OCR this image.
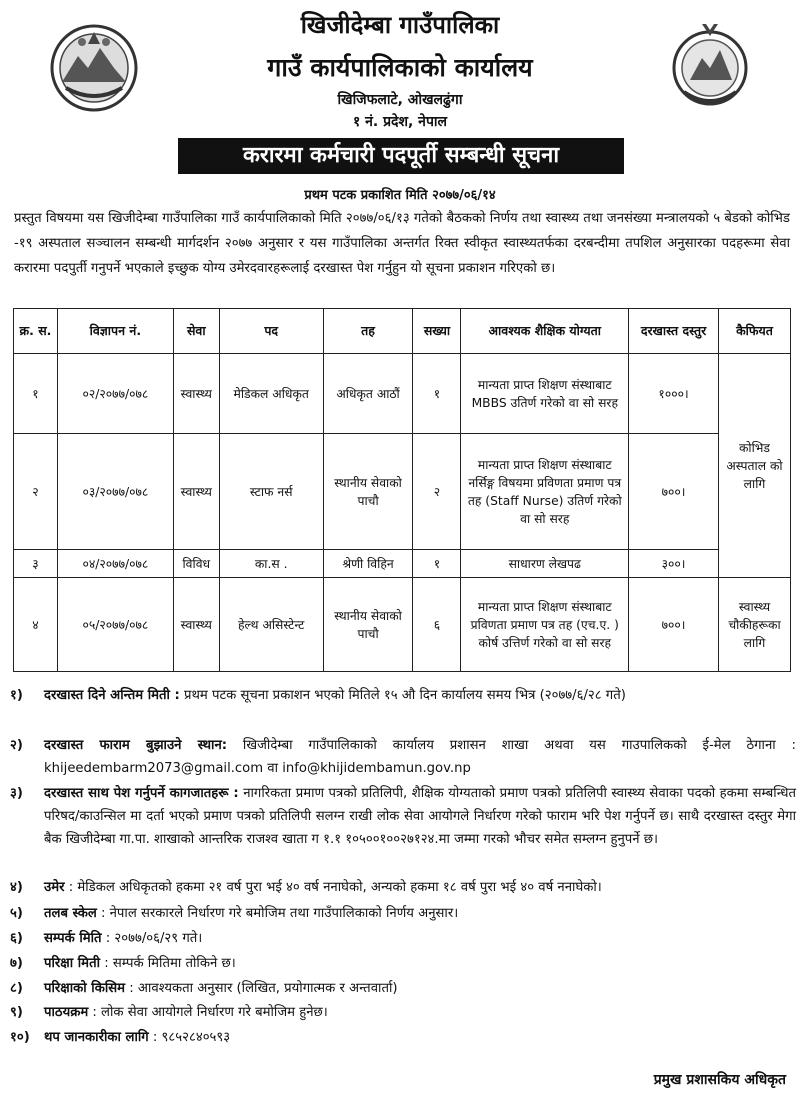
खिजीदेम्बा गाउँपालिका
गाउँ कार्यपालिकाको कार्यालय
खिजिफलाटे, ओखलढुंगा
१ नं. प्रदेश, नेपाल
करारमा कर्मचारी पदपूर्ती सम्बन्धी सूचना
प्रथम पटक प्रकाशित मिति २०७७/०६/१४
प्रस्तुत विषयमा यस खिजीदेम्बा गाउँपालिका गाउँ कार्यपालिकाको मिति २०७७/०६/१३ गतेको बैठकको निर्णय तथा स्वास्थ्य तथा जनसंख्या मन्त्रालयको ५ बेडको कोभिड -१९ अस्पताल सञ्चालन सम्बन्धी मार्गदर्शन २०७७ अनुसार र यस गाउँपालिका अन्तर्गत रिक्त स्वीकृत स्वास्थ्यतर्फका दरबन्दीमा तपशिल अनुसारका पदहरूमा सेवा करारमा पदपुर्ती गनुपर्ने भएकाले इच्छुक योग्य उमेरदवारहरूलाई दरखास्त पेश गर्नुहुन यो सूचना प्रकाशन गरिएको छ।
क्र. स.	विज्ञापन नं.	सेवा	पद	तह	सख्या	आवश्यक शैक्षिक योग्यता	दरखास्त दस्तुर	कैफियत
१	०२/२०७७/०७८	स्वास्थ्य	मेडिकल अधिकृत	अधिकृत आठौं	१	मान्यता प्राप्त शिक्षण संस्थाबाट MBBS उतिर्ण गरेको वा सो सरह	१०००।	कोभिड अस्पताल को लागि
२	०३/२०७७/०७८	स्वास्थ्य	स्टाफ नर्स	स्थानीय सेवाको पाचौ	२	मान्यता प्राप्त शिक्षण संस्थाबाट नर्सिङ्ग विषयमा प्रविणता प्रमाण पत्र तह (Staff Nurse) उतिर्ण गरेको वा सो सरह	७००।	
३	०४/२०७७/०७८	विविध	का.स .	श्रेणी विहिन	१	साधारण लेखपढ	३००।	
४	०५/२०७७/०७८	स्वास्थ्य	हेल्थ असिस्टेन्ट	स्थानीय सेवाको पाचौ	६	मान्यता प्राप्त शिक्षण संस्थाबाट प्रविणता प्रमाण पत्र तह (एच.ए. ) कोर्ष उत्तिर्ण गरेको वा सो सरह	७००।	स्वास्थ्य चौकीहरूका लागि
१)	दरखास्त दिने अन्तिम मिती : प्रथम पटक सूचना प्रकाशन भएको मितिले १५ औ दिन कार्यालय समय भित्र (२०७७/६/२८ गते)
२)	दरखास्त फाराम बुझाउने स्थान: खिजीदेम्बा गाउँपालिकाको कार्यालय प्रशासन शाखा अथवा यस गाउपालिकको ई-मेल ठेगाना : khijeedembarm2073@gmail.com वा info@khijidembamun.gov.np
३)	दरखास्त साथ पेश गर्नुपर्ने कागजातहरू : नागरिकता प्रमाण पत्रको प्रतिलिपी, शैक्षिक योग्यताको प्रमाण पत्रको प्रतिलिपी स्वास्थ्य सेवाका पदको हकमा सम्बन्धित परिषद/काउन्सिल मा दर्ता भएको प्रमाण पत्रको प्रतिलिपी सलग्न राखी लोक सेवा आयोगले निर्धारण गरेको फाराम भरि पेश गर्नुपर्ने छ। साथै दरखास्त दस्तुर मेगा बैक खिजीदेम्बा गा.पा. शाखाको आन्तरिक राजश्व खाता ग १.१ १०५००१००२७१२४.मा जम्मा गरको भौचर समेत सम्लग्न हुनुपर्ने छ।
४)	उमेर : मेडिकल अधिकृतको हकमा २१ वर्ष पुरा भई ४० वर्ष ननाघेको, अन्यको हकमा १८ वर्ष पुरा भई ४० वर्ष ननाघेको।
५)	तलब स्केल : नेपाल सरकारले निर्धारण गरे बमोजिम तथा गाउँपालिकाको निर्णय अनुसार।
६)	सम्पर्क मिति : २०७७/०६/२९ गते।
७)	परिक्षा मिती : सम्पर्क मितिमा तोकिने छ।
८)	परिक्षाको किसिम : आवश्यकता अनुसार (लिखित, प्रयोगात्मक र अन्तवार्ता)
९)	पाठयक्रम : लोक सेवा आयोगले निर्धारण गरे बमोजिम हुनेछ।
१०)	थप जानकारीका लागि : ९८५२८४०५९३
प्रमुख प्रशासकिय अधिकृत
